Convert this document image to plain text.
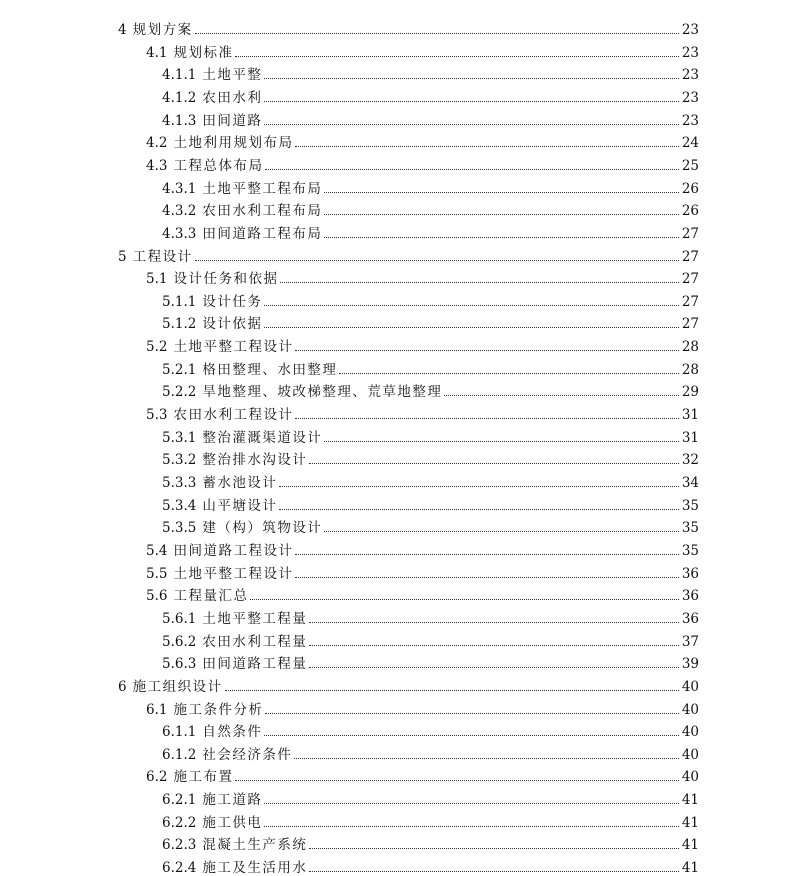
4 规划方案	23
4.1 规划标准	23
4.1.1 土地平整	23
4.1.2 农田水利	23
4.1.3 田间道路	23
4.2 土地利用规划布局	24
4.3 工程总体布局	25
4.3.1 土地平整工程布局	26
4.3.2 农田水利工程布局	26
4.3.3 田间道路工程布局	27
5 工程设计	27
5.1 设计任务和依据	27
5.1.1 设计任务	27
5.1.2 设计依据	27
5.2 土地平整工程设计	28
5.2.1 格田整理、水田整理	28
5.2.2 旱地整理、坡改梯整理、荒草地整理	29
5.3 农田水利工程设计	31
5.3.1 整治灌溉渠道设计	31
5.3.2 整治排水沟设计	32
5.3.3 蓄水池设计	34
5.3.4 山平塘设计	35
5.3.5 建（构）筑物设计	35
5.4 田间道路工程设计	35
5.5 土地平整工程设计	36
5.6 工程量汇总	36
5.6.1 土地平整工程量	36
5.6.2 农田水利工程量	37
5.6.3 田间道路工程量	39
6 施工组织设计	40
6.1 施工条件分析	40
6.1.1 自然条件	40
6.1.2 社会经济条件	40
6.2 施工布置	40
6.2.1 施工道路	41
6.2.2 施工供电	41
6.2.3 混凝土生产系统	41
6.2.4 施工及生活用水	41
